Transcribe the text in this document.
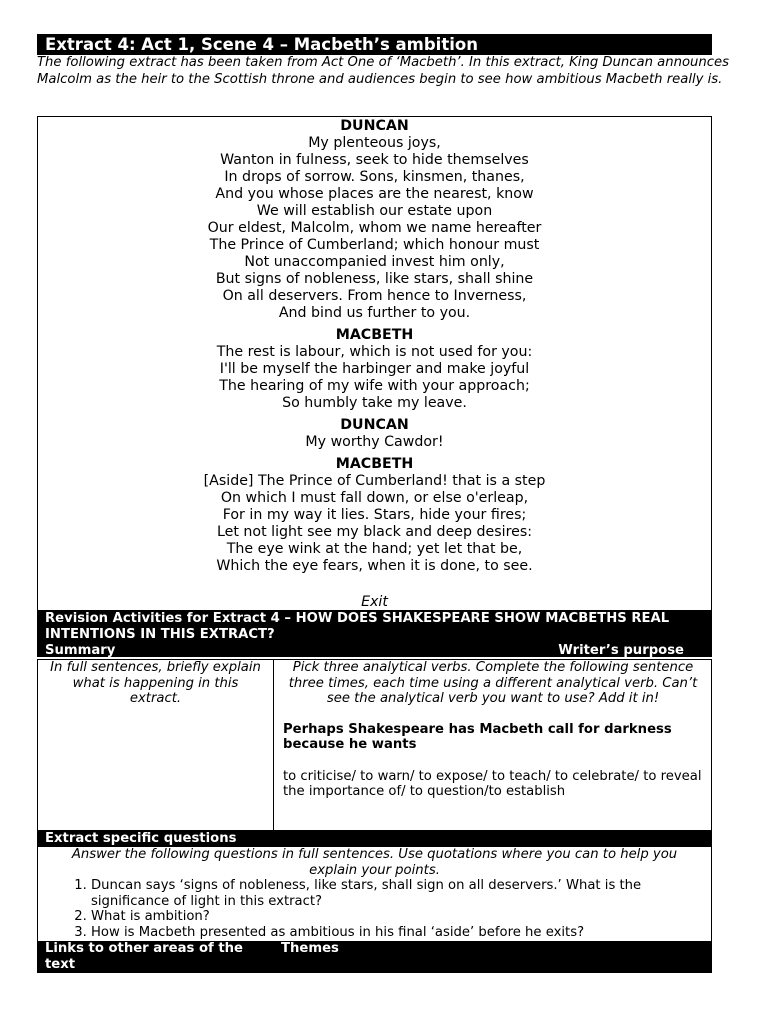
Extract 4: Act 1, Scene 4 – Macbeth’s ambition
The following extract has been taken from Act One of ‘Macbeth’. In this extract, King Duncan announces Malcolm as the heir to the Scottish throne and audiences begin to see how ambitious Macbeth really is.
DUNCAN
My plenteous joys,
Wanton in fulness, seek to hide themselves
In drops of sorrow. Sons, kinsmen, thanes,
And you whose places are the nearest, know
We will establish our estate upon
Our eldest, Malcolm, whom we name hereafter
The Prince of Cumberland; which honour must
Not unaccompanied invest him only,
But signs of nobleness, like stars, shall shine
On all deservers. From hence to Inverness,
And bind us further to you.
MACBETH
The rest is labour, which is not used for you:
I'll be myself the harbinger and make joyful
The hearing of my wife with your approach;
So humbly take my leave.
DUNCAN
My worthy Cawdor!
MACBETH
[Aside] The Prince of Cumberland! that is a step
On which I must fall down, or else o'erleap,
For in my way it lies. Stars, hide your fires;
Let not light see my black and deep desires:
The eye wink at the hand; yet let that be,
Which the eye fears, when it is done, to see.
Exit
Revision Activities for Extract 4 – HOW DOES SHAKESPEARE SHOW MACBETHS REAL INTENTIONS IN THIS EXTRACT?
Summary	Writer’s purpose
In full sentences, briefly explain what is happening in this extract.
Pick three analytical verbs. Complete the following sentence three times, each time using a different analytical verb. Can’t see the analytical verb you want to use? Add it in!
Perhaps Shakespeare has Macbeth call for darkness because he wants
to criticise/ to warn/ to expose/ to teach/ to celebrate/ to reveal the importance of/ to question/to establish
Extract specific questions
Answer the following questions in full sentences. Use quotations where you can to help you explain your points.
1. Duncan says ‘signs of nobleness, like stars, shall sign on all deservers.’ What is the significance of light in this extract?
2. What is ambition?
3. How is Macbeth presented as ambitious in his final ‘aside’ before he exits?
Links to other areas of the text
Themes
